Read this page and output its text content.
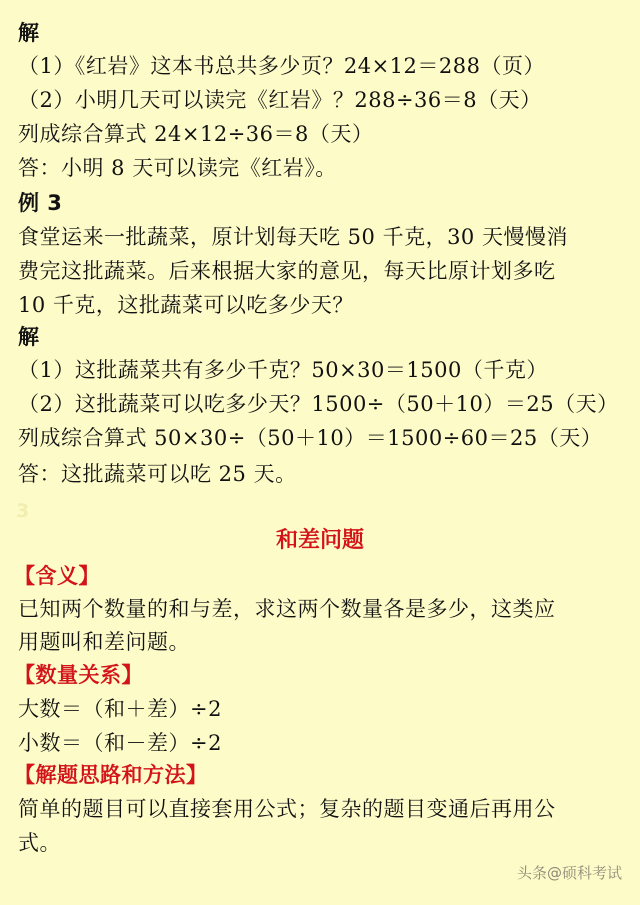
解
（1）《红岩》这本书总共多少页？24×12＝288（页）
（2）小明几天可以读完《红岩》？288÷36＝8（天）
列成综合算式 24×12÷36＝8（天）
答：小明 8 天可以读完《红岩》。
例 3
食堂运来一批蔬菜，原计划每天吃 50 千克，30 天慢慢消
费完这批蔬菜。后来根据大家的意见，每天比原计划多吃
10 千克，这批蔬菜可以吃多少天？
解
（1）这批蔬菜共有多少千克？50×30＝1500（千克）
（2）这批蔬菜可以吃多少天？1500÷（50＋10）＝25（天）
列成综合算式 50×30÷（50＋10）＝1500÷60＝25（天）
答：这批蔬菜可以吃 25 天。
3
和差问题
【含义】
已知两个数量的和与差，求这两个数量各是多少，这类应
用题叫和差问题。
【数量关系】
大数＝（和＋差）÷2
小数＝（和－差）÷2
【解题思路和方法】
简单的题目可以直接套用公式；复杂的题目变通后再用公
式。
头条@硕科考试
